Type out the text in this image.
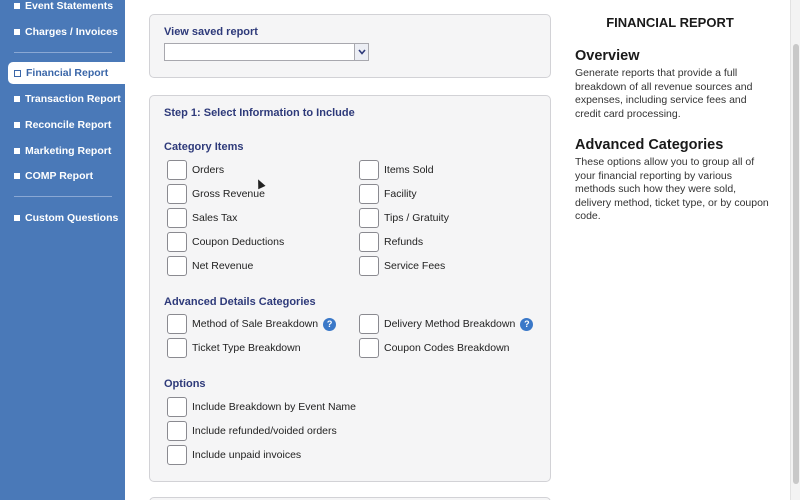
Event Statements
Charges / Invoices
Financial Report
Transaction Report
Reconcile Report
Marketing Report
COMP Report
Custom Questions
View saved report
Step 1: Select Information to Include
Category Items
Orders
Gross Revenue
Sales Tax
Coupon Deductions
Net Revenue
Items Sold
Facility
Tips / Gratuity
Refunds
Service Fees
Advanced Details Categories
Method of Sale Breakdown ?	Delivery Method Breakdown ?
Ticket Type Breakdown	Coupon Codes Breakdown
Options
Include Breakdown by Event Name
Include refunded/voided orders
Include unpaid invoices
FINANCIAL REPORT
Overview

Generate reports that provide a full breakdown of all revenue sources and expenses, including service fees and credit card processing.

Advanced Categories

These options allow you to group all of your financial reporting by various methods such how they were sold, delivery method, ticket type, or by coupon code.
